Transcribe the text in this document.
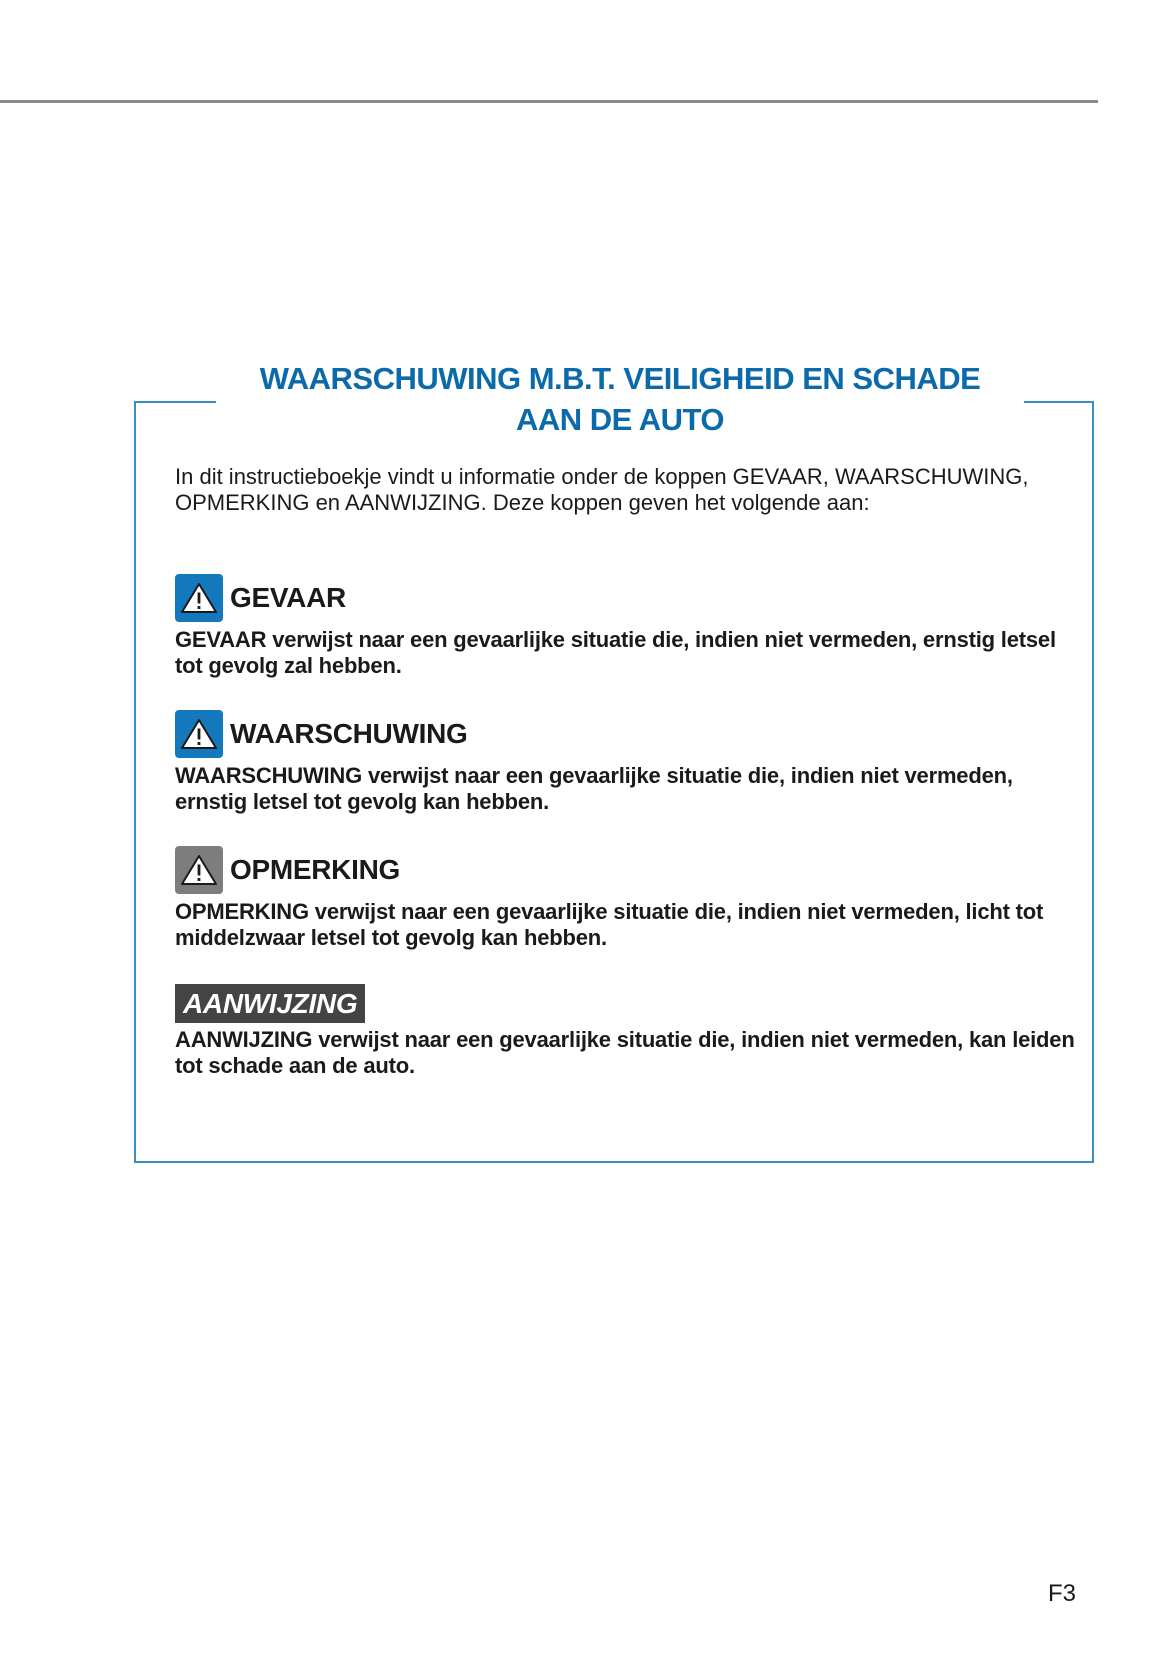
WAARSCHUWING M.B.T. VEILIGHEID EN SCHADE
AAN DE AUTO
In dit instructieboekje vindt u informatie onder de koppen GEVAAR, WAARSCHUWING, OPMERKING en AANWIJZING. Deze koppen geven het volgende aan:
GEVAAR
GEVAAR verwijst naar een gevaarlijke situatie die, indien niet vermeden, ernstig letsel tot gevolg zal hebben.
WAARSCHUWING
WAARSCHUWING verwijst naar een gevaarlijke situatie die, indien niet vermeden, ernstig letsel tot gevolg kan hebben.
OPMERKING
OPMERKING verwijst naar een gevaarlijke situatie die, indien niet vermeden, licht tot middelzwaar letsel tot gevolg kan hebben.
AANWIJZING
AANWIJZING verwijst naar een gevaarlijke situatie die, indien niet vermeden, kan leiden tot schade aan de auto.
F3
